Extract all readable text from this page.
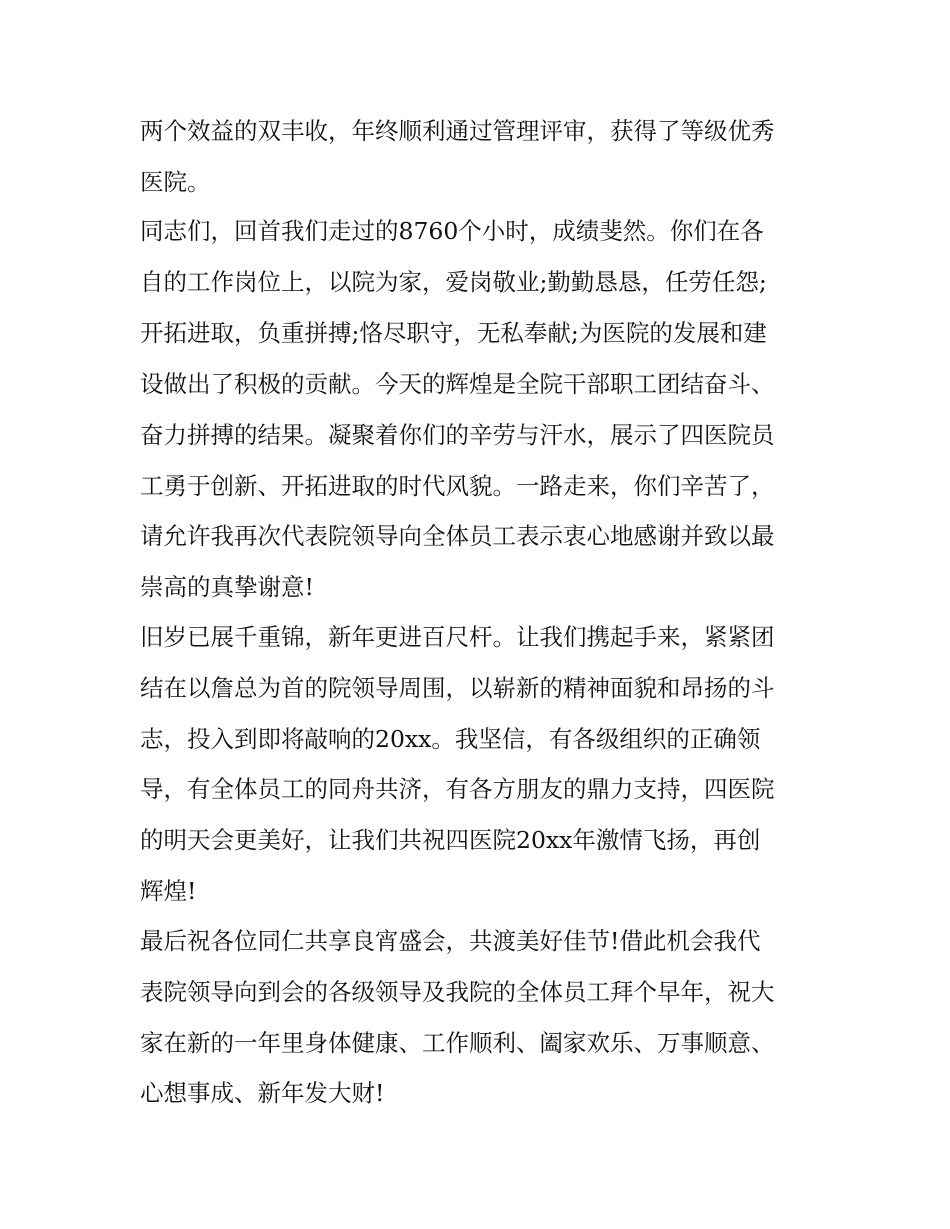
两个效益的双丰收，年终顺利通过管理评审，获得了等级优秀
医院。
同志们，回首我们走过的8760个小时，成绩斐然。你们在各
自的工作岗位上，以院为家，爱岗敬业;勤勤恳恳，任劳任怨;
开拓进取，负重拼搏;恪尽职守，无私奉献;为医院的发展和建
设做出了积极的贡献。今天的辉煌是全院干部职工团结奋斗、
奋力拼搏的结果。凝聚着你们的辛劳与汗水，展示了四医院员
工勇于创新、开拓进取的时代风貌。一路走来，你们辛苦了，
请允许我再次代表院领导向全体员工表示衷心地感谢并致以最
崇高的真挚谢意!
旧岁已展千重锦，新年更进百尺杆。让我们携起手来，紧紧团
结在以詹总为首的院领导周围，以崭新的精神面貌和昂扬的斗
志，投入到即将敲响的20xx。我坚信，有各级组织的正确领
导，有全体员工的同舟共济，有各方朋友的鼎力支持，四医院
的明天会更美好，让我们共祝四医院20xx年激情飞扬，再创
辉煌!
最后祝各位同仁共享良宵盛会，共渡美好佳节!借此机会我代
表院领导向到会的各级领导及我院的全体员工拜个早年，祝大
家在新的一年里身体健康、工作顺利、阖家欢乐、万事顺意、
心想事成、新年发大财!
